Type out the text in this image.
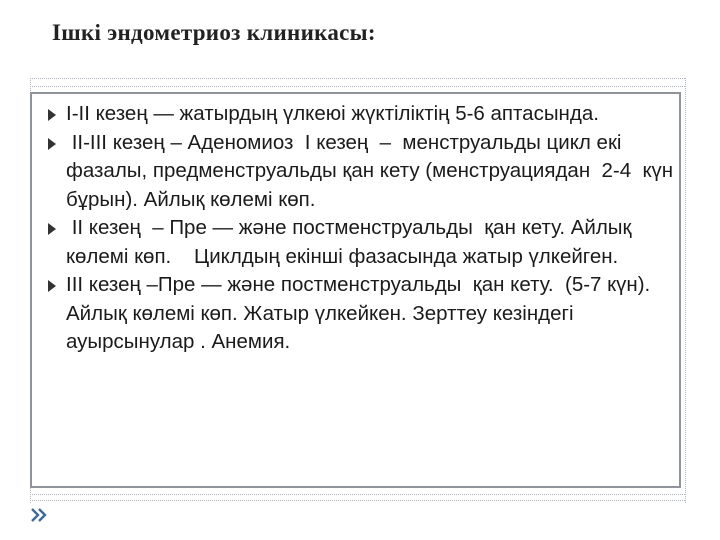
Ішкі эндометриоз клиникасы:
I-II кезең — жатырдың үлкеюі жүктіліктің 5-6 аптасында.
II-III кезең – Аденомиоз  I кезең  –  менструальды цикл екі фазалы, предменструальды қан кету (менструациядан  2-4  күн бұрын). Айлық көлемі көп.
II кезең  – Пре — және постменструальды  қан кету. Айлық көлемі көп.    Циклдың екінші фазасында жатыр үлкейген.
III кезең –Пре — және постменструальды  қан кету.  (5-7 күн). Айлық көлемі көп. Жатыр үлкейкен. Зерттеу кезіндегі ауырсынулар . Анемия.
